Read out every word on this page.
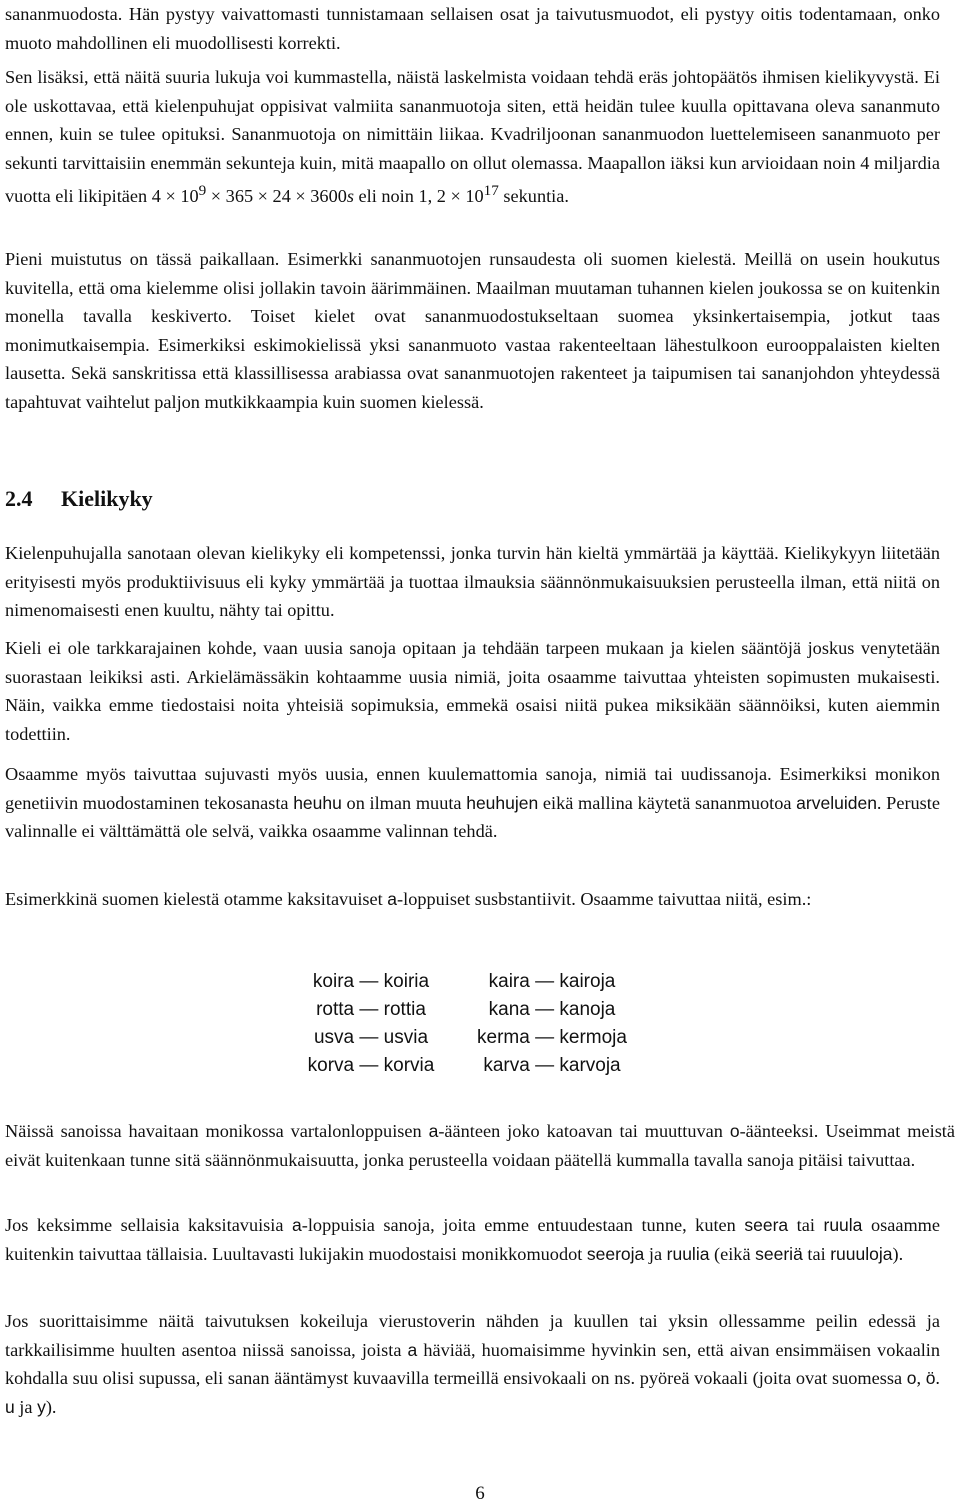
sananmuodosta. Hän pystyy vaivattomasti tunnistamaan sellaisen osat ja taivutusmuodot, eli pystyy oitis todentamaan, onko muoto mahdollinen eli muodollisesti korrekti.
Sen lisäksi, että näitä suuria lukuja voi kummastella, näistä laskelmista voidaan tehdä eräs johtopäätös ihmisen kielikyvystä. Ei ole uskottavaa, että kielenpuhujat oppisivat valmiita sananmuotoja siten, että heidän tulee kuulla opittavana oleva sananmuto ennen, kuin se tulee opituksi. Sananmuotoja on nimittäin liikaa. Kvadriljoonan sananmuodon luettelemiseen sananmuoto per sekunti tarvittaisiin enemmän sekunteja kuin, mitä maapallo on ollut olemassa. Maapallon iäksi kun arvioidaan noin 4 miljardia vuotta eli likipitäen $4 \times 10^9 \times 365 \times 24 \times 3600s$ eli noin 1, $2 \times 10^{17}$ sekuntia.
Pieni muistutus on tässä paikallaan. Esimerkki sananmuotojen runsaudesta oli suomen kielestä. Meillä on usein houkutus kuvitella, että oma kielemme olisi jollakin tavoin äärimmäinen. Maailman muutaman tuhannen kielen joukossa se on kuitenkin monella tavalla keskiverto. Toiset kielet ovat sananmuodostukseltaan suomea yksinkertaisempia, jotkut taas monimutkaisempia. Esimerkiksi eskimokielissä yksi sananmuoto vastaa rakenteeltaan lähestulkoon eurooppalaisten kielten lausetta. Sekä sanskritissa että klassillisessa arabiassa ovat sananmuotojen rakenteet ja taipumisen tai sananjohdon yhteydessä tapahtuvat vaihtelut paljon mutkikkaampia kuin suomen kielessä.
2.4 Kielikyky
Kielenpuhujalla sanotaan olevan kielikyky eli kompetenssi, jonka turvin hän kieltä ymmärtää ja käyttää. Kielikykyyn liitetään erityisesti myös produktiivisuus eli kyky ymmärtää ja tuottaa ilmauksia säännönmukaisuuksien perusteella ilman, että niitä on nimenomaisesti enen kuultu, nähty tai opittu.
Kieli ei ole tarkkarajainen kohde, vaan uusia sanoja opitaan ja tehdään tarpeen mukaan ja kielen sääntöjä joskus venytetään suorastaan leikiksi asti. Arkielämässäkin kohtaamme uusia nimiä, joita osaamme taivuttaa yhteisten sopimusten mukaisesti. Näin, vaikka emme tiedostaisi noita yhteisiä sopimuksia, emmekä osaisi niitä pukea miksikään säännöiksi, kuten aiemmin todettiin.
Osaamme myös taivuttaa sujuvasti myös uusia, ennen kuulemattomia sanoja, nimiä tai uudissanoja. Esimerkiksi monikon genetiivin muodostaminen tekosanasta heuhu on ilman muuta heuhujen eikä mallina käytetä sananmuotoa arveluiden. Peruste valinnalle ei välttämättä ole selvä, vaikka osaamme valinnan tehdä.
Esimerkkinä suomen kielestä otamme kaksitavuiset a-loppuiset susbstantiivit. Osaamme taivuttaa niitä, esim.:
koira — koiria	kaira — kairoja
rotta — rottia	kana — kanoja
usva — usvia	kerma — kermoja
korva — korvia	karva — karvoja
Näissä sanoissa havaitaan monikossa vartalonloppuisen a-äänteen joko katoavan tai muuttuvan o-äänteeksi. Useimmat meistä eivät kuitenkaan tunne sitä säännönmukaisuutta, jonka perusteella voidaan päätellä kummalla tavalla sanoja pitäisi taivuttaa.
Jos keksimme sellaisia kaksitavuisia a-loppuisia sanoja, joita emme entuudestaan tunne, kuten seera tai ruula osaamme kuitenkin taivuttaa tällaisia. Luultavasti lukijakin muodostaisi monikkomuodot seeroja ja ruulia (eikä seeriä tai ruuuloja).
Jos suorittaisimme näitä taivutuksen kokeiluja vierustoverin nähden ja kuullen tai yksin ollessamme peilin edessä ja tarkkailisimme huulten asentoa niissä sanoissa, joista a häviää, huomaisimme hyvinkin sen, että aivan ensimmäisen vokaalin kohdalla suu olisi supussa, eli sanan ääntämyst kuvaavilla termeillä ensivokaali on ns. pyöreä vokaali (joita ovat suomessa o, ö. u ja y).
6
